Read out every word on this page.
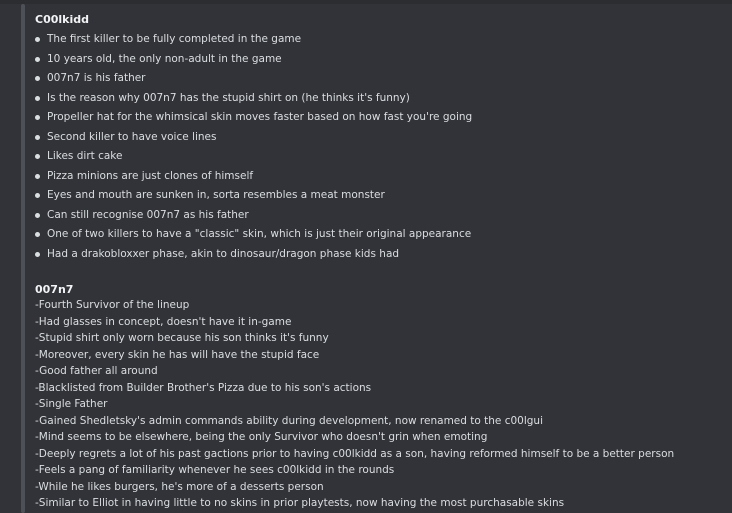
C00lkidd
The first killer to be fully completed in the game
10 years old, the only non-adult in the game
007n7 is his father
Is the reason why 007n7 has the stupid shirt on (he thinks it's funny)
Propeller hat for the whimsical skin moves faster based on how fast you're going
Second killer to have voice lines
Likes dirt cake
Pizza minions are just clones of himself
Eyes and mouth are sunken in, sorta resembles a meat monster
Can still recognise 007n7 as his father
One of two killers to have a "classic" skin, which is just their original appearance
Had a drakobloxxer phase, akin to dinosaur/dragon phase kids had
007n7
-Fourth Survivor of the lineup
-Had glasses in concept, doesn't have it in-game
-Stupid shirt only worn because his son thinks it's funny
-Moreover, every skin he has will have the stupid face
-Good father all around
-Blacklisted from Builder Brother's Pizza due to his son's actions
-Single Father
-Gained Shedletsky's admin commands ability during development, now renamed to the c00lgui
-Mind seems to be elsewhere, being the only Survivor who doesn't grin when emoting
-Deeply regrets a lot of his past gactions prior to having c00lkidd as a son, having reformed himself to be a better person
-Feels a pang of familiarity whenever he sees c00lkidd in the rounds
-While he likes burgers, he's more of a desserts person
-Similar to Elliot in having little to no skins in prior playtests, now having the most purchasable skins
